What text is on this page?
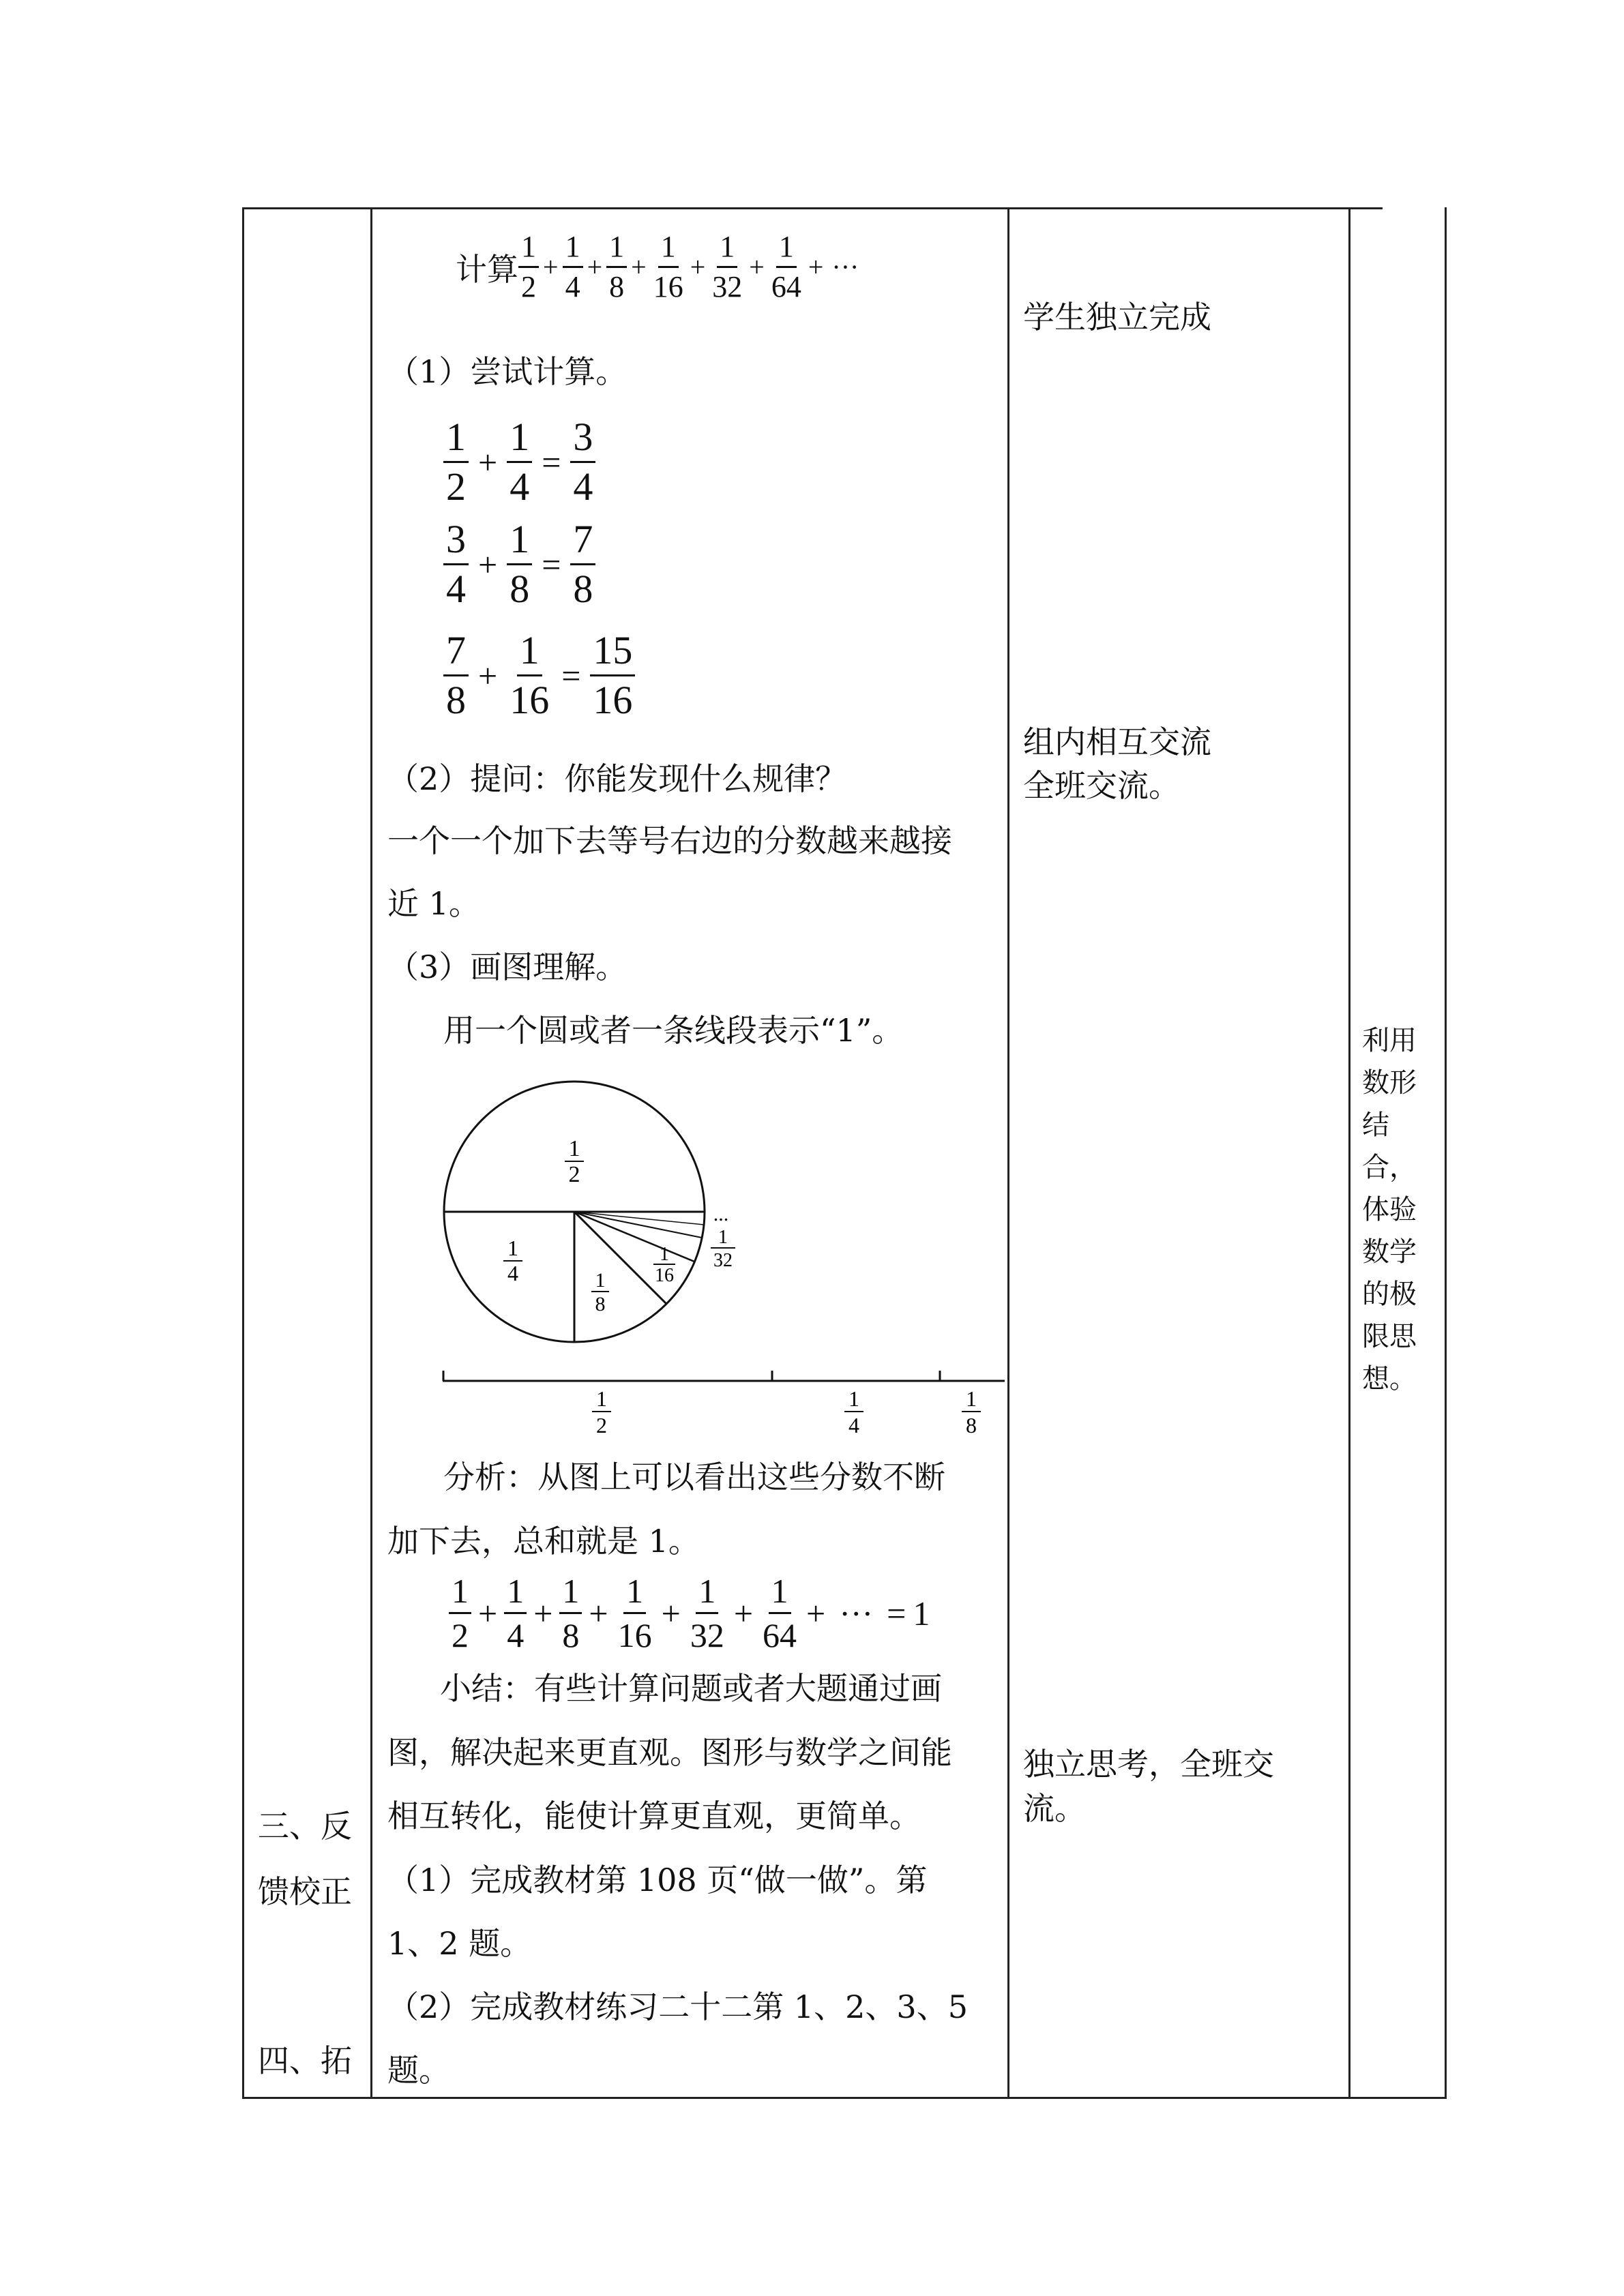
三、反馈校正
四、拓
计算 $\frac{1}{2} + \frac{1}{4} + \frac{1}{8} + \frac{1}{16} + \frac{1}{32} + \frac{1}{64}$ + ···
（1）尝试计算。
$\frac{1}{2} + \frac{1}{4} = \frac{3}{4}$
$\frac{3}{4} + \frac{1}{8} = \frac{7}{8}$
$\frac{7}{8} + \frac{1}{16} = \frac{15}{16}$
（2）提问：你能发现什么规律？
一个一个加下去等号右边的分数越来越接
近 1。
（3）画图理解。
用一个圆或者一条线段表示“1”。
1
2
1
4	1
8
1
16
1
32
...
1
2
1
4
1
8
分析：从图上可以看出这些分数不断
加下去，总和就是 1。
$\frac{1}{2} + \frac{1}{4} + \frac{1}{8} + \frac{1}{16} + \frac{1}{32} + \frac{1}{64}$ + ··· = 1
小结：有些计算问题或者大题通过画
图，解决起来更直观。图形与数学之间能
相互转化，能使计算更直观，更简单。
（1）完成教材第 108 页“做一做”。第
1、2 题。
（2）完成教材练习二十二第 1、2、3、5
题。
学生独立完成
组内相互交流
全班交流。
独立思考，全班交
流。
利用数形结合，体验数学的极限思想。
